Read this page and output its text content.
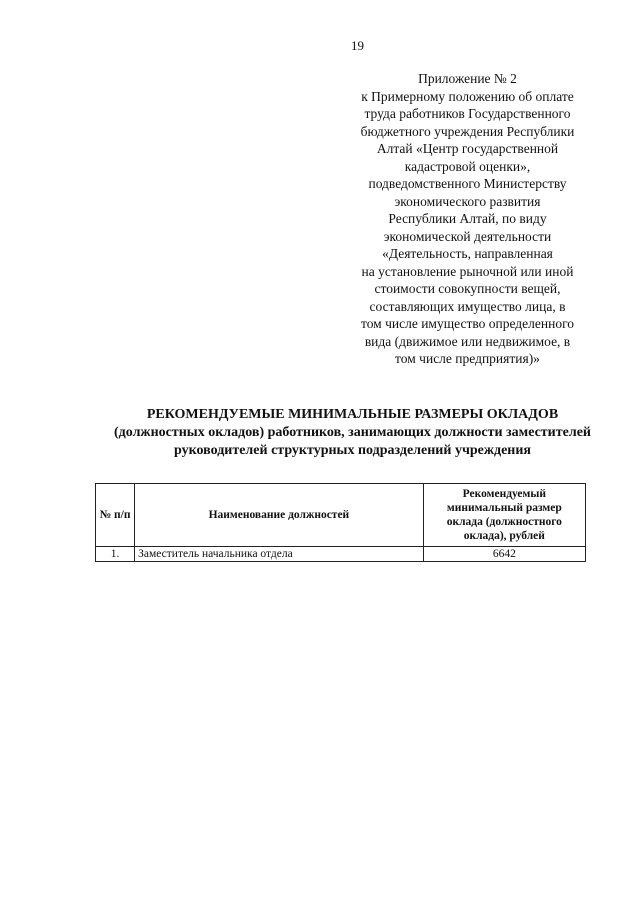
19
Приложение № 2
к Примерному положению об оплате
труда работников Государственного
бюджетного учреждения Республики
Алтай «Центр государственной
кадастровой оценки»,
подведомственного Министерству
экономического развития
Республики Алтай, по виду
экономической деятельности
«Деятельность, направленная
на установление рыночной или иной
стоимости совокупности вещей,
составляющих имущество лица, в
том числе имущество определенного
вида (движимое или недвижимое, в
том числе предприятия)»
РЕКОМЕНДУЕМЫЕ МИНИМАЛЬНЫЕ РАЗМЕРЫ ОКЛАДОВ
(должностных окладов) работников, занимающих должности заместителей
руководителей структурных подразделений учреждения
№ п/п	Наименование должностей	Рекомендуемый минимальный размер оклада (должностного оклада), рублей
1.	Заместитель начальника отдела	6642
